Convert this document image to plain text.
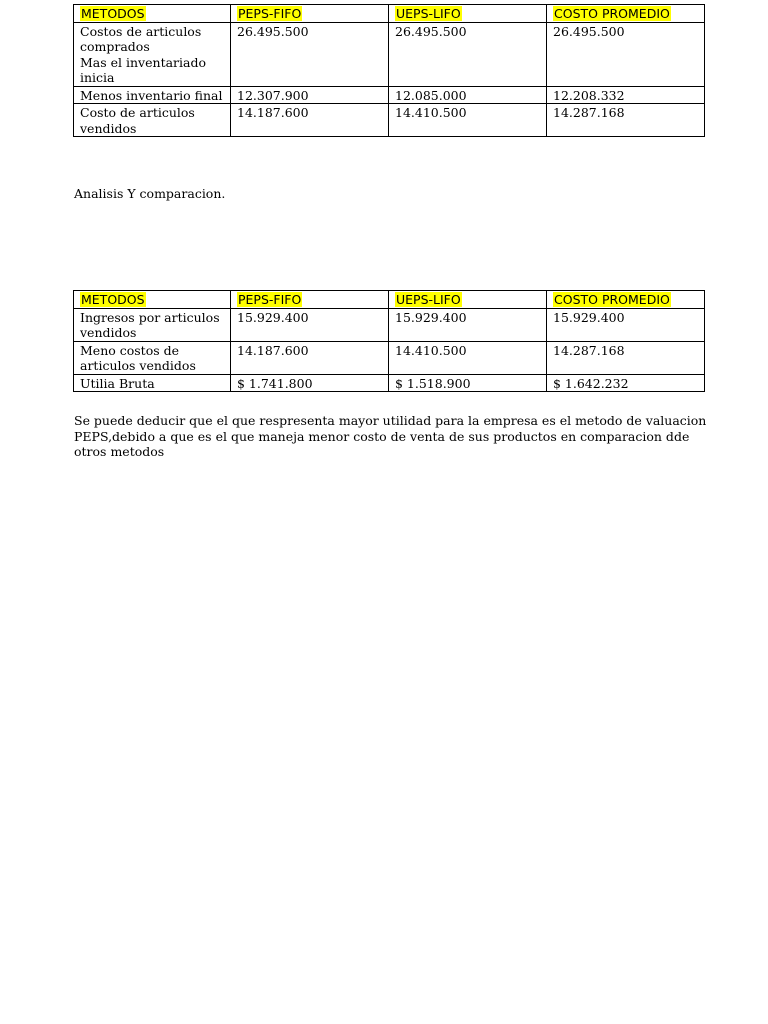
METODOS	PEPS-FIFO	UEPS-LIFO	COSTO PROMEDIO

Costos de articulos
comprados
Mas el inventariado
inicia	26.495.500	26.495.500	26.495.500

Menos inventario final	12.307.900	12.085.000	12.208.332

Costo de articulos
vendidos	14.187.600	14.410.500	14.287.168
Analisis Y comparacion.
METODOS	PEPS-FIFO	UEPS-LIFO	COSTO PROMEDIO

Ingresos por articulos
vendidos	15.929.400	15.929.400	15.929.400

Meno costos de
articulos vendidos	14.187.600	14.410.500	14.287.168

Utilia Bruta	$ 1.741.800	$ 1.518.900	$ 1.642.232
Se puede deducir que el que respresenta mayor utilidad para la empresa es el metodo de valuacion
PEPS,debido a que es el que maneja menor costo de venta de sus productos en comparacion dde
otros metodos
